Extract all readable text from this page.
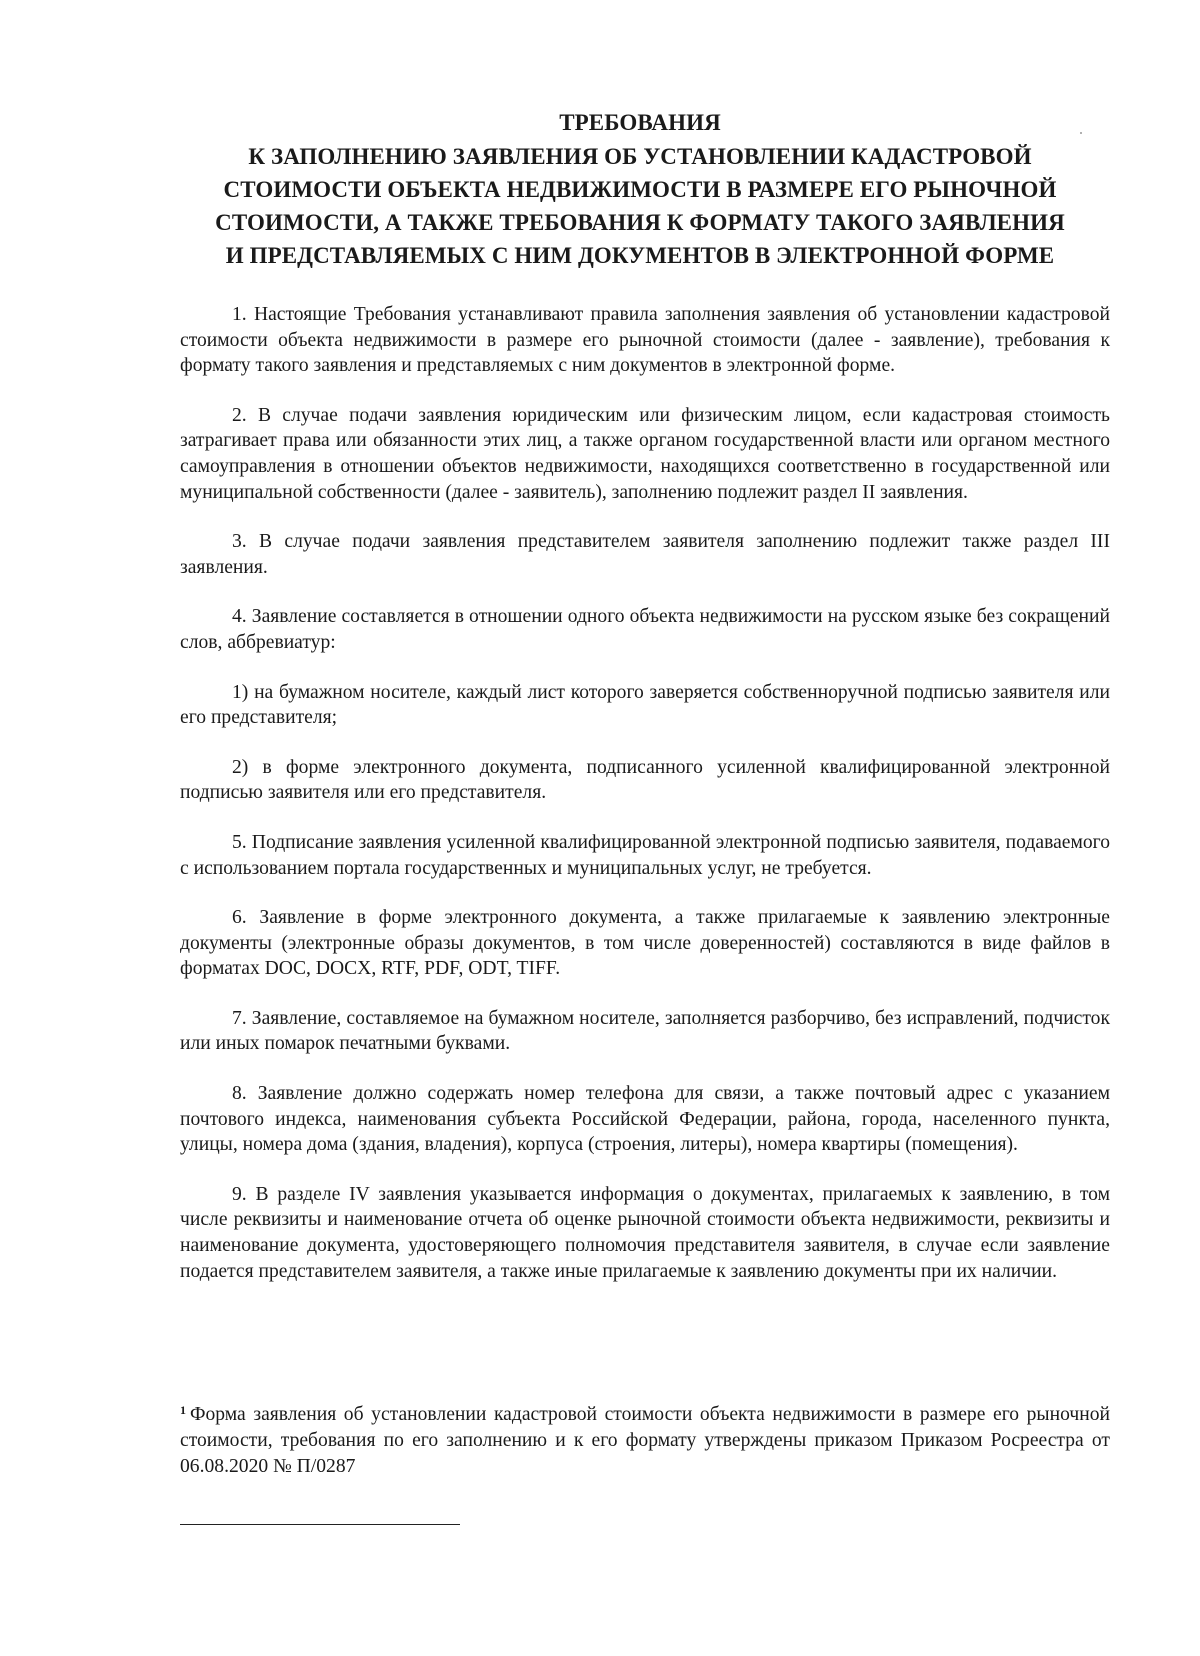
ТРЕБОВАНИЯ
К ЗАПОЛНЕНИЮ ЗАЯВЛЕНИЯ ОБ УСТАНОВЛЕНИИ КАДАСТРОВОЙ
СТОИМОСТИ ОБЪЕКТА НЕДВИЖИМОСТИ В РАЗМЕРЕ ЕГО РЫНОЧНОЙ
СТОИМОСТИ, А ТАКЖЕ ТРЕБОВАНИЯ К ФОРМАТУ ТАКОГО ЗАЯВЛЕНИЯ
И ПРЕДСТАВЛЯЕМЫХ С НИМ ДОКУМЕНТОВ В ЭЛЕКТРОННОЙ ФОРМЕ

1. Настоящие Требования устанавливают правила заполнения заявления об установлении кадастровой стоимости объекта недвижимости в размере его рыночной стоимости (далее - заявление), требования к формату такого заявления и представляемых с ним документов в электронной форме.

2. В случае подачи заявления юридическим или физическим лицом, если кадастровая стоимость затрагивает права или обязанности этих лиц, а также органом государственной власти или органом местного самоуправления в отношении объектов недвижимости, находящихся соответственно в государственной или муниципальной собственности (далее - заявитель), заполнению подлежит раздел II заявления.

3. В случае подачи заявления представителем заявителя заполнению подлежит также раздел III заявления.

4. Заявление составляется в отношении одного объекта недвижимости на русском языке без сокращений слов, аббревиатур:

1) на бумажном носителе, каждый лист которого заверяется собственноручной подписью заявителя или его представителя;

2) в форме электронного документа, подписанного усиленной квалифицированной электронной подписью заявителя или его представителя.

5. Подписание заявления усиленной квалифицированной электронной подписью заявителя, подаваемого с использованием портала государственных и муниципальных услуг, не требуется.

6. Заявление в форме электронного документа, а также прилагаемые к заявлению электронные документы (электронные образы документов, в том числе доверенностей) составляются в виде файлов в форматах DOC, DOCX, RTF, PDF, ODT, TIFF.

7. Заявление, составляемое на бумажном носителе, заполняется разборчиво, без исправлений, подчисток или иных помарок печатными буквами.

8. Заявление должно содержать номер телефона для связи, а также почтовый адрес с указанием почтового индекса, наименования субъекта Российской Федерации, района, города, населенного пункта, улицы, номера дома (здания, владения), корпуса (строения, литеры), номера квартиры (помещения).

9. В разделе IV заявления указывается информация о документах, прилагаемых к заявлению, в том числе реквизиты и наименование отчета об оценке рыночной стоимости объекта недвижимости, реквизиты и наименование документа, удостоверяющего полномочия представителя заявителя, в случае если заявление подается представителем заявителя, а также иные прилагаемые к заявлению документы при их наличии.

$^1$ Форма заявления об установлении кадастровой стоимости объекта недвижимости в размере его рыночной стоимости, требования по его заполнению и к его формату утверждены приказом Приказом Росреестра от 06.08.2020 № П/0287
